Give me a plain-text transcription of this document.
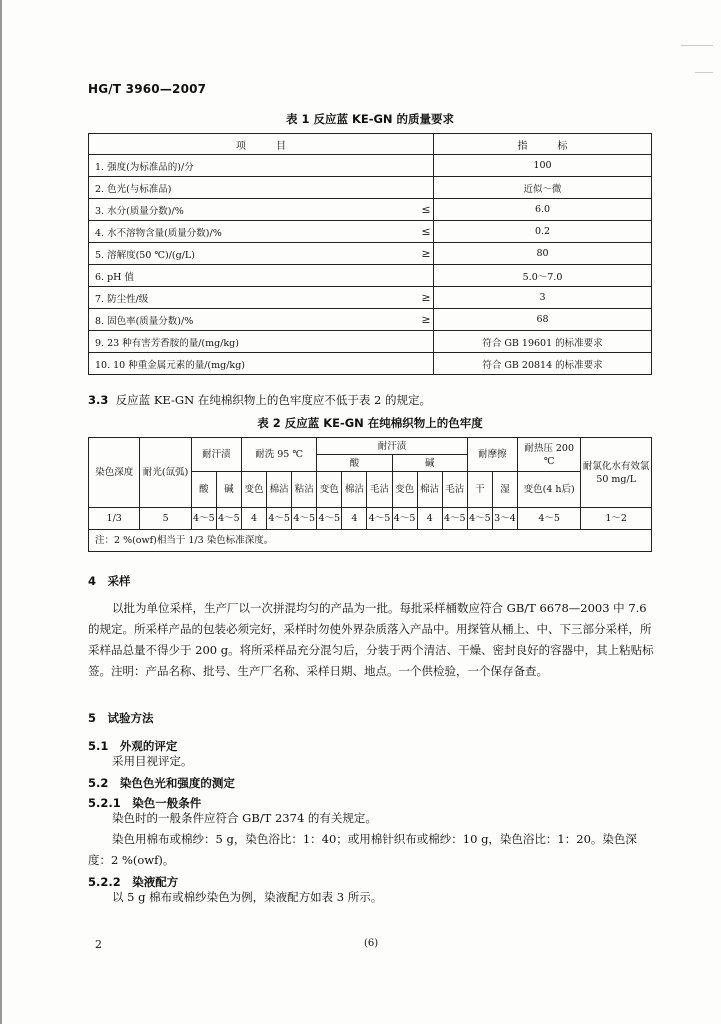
HG/T 3960—2007
表 1 反应蓝 KE-GN 的质量要求
项　　　目		指　　　标
1. 强度(为标准品的)/分		100
2. 色光(与标准品)		近似～微
3. 水分(质量分数)/%	≤	6.0
4. 水不溶物含量(质量分数)/%	≤	0.2
5. 溶解度(50 ℃)/(g/L)	≥	80
6. pH 值		5.0～7.0
7. 防尘性/级	≥	3
8. 固色率(质量分数)/%	≥	68
9. 23 种有害芳香胺的量/(mg/kg)		符合 GB 19601 的标准要求
10. 10 种重金属元素的量/(mg/kg)		符合 GB 20814 的标准要求
3.3 反应蓝 KE-GN 在纯棉织物上的色牢度应不低于表 2 的规定。
表 2 反应蓝 KE-GN 在纯棉织物上的色牢度
染色深度	耐光(氙弧)	耐汗渍		耐洗 95 ℃			耐汗渍						耐摩擦		耐热压 200 ℃	耐氯化水有效氯 50 mg/L
							酸			碱						
		酸	碱	变色	棉沾	粘沾	变色	棉沾	毛沾	变色	棉沾	毛沾	干	湿	变色(4 h后)	
1/3	5	4～5	4～5	4	4～5	4～5	4～5	4	4～5	4～5	4	4～5	4～5	3～4	4～5	1～2
注：2 %(owf)相当于 1/3 染色标准深度。																
4　采样
以批为单位采样，生产厂以一次拼混均匀的产品为一批。每批采样桶数应符合 GB/T 6678—2003 中 7.6 的规定。所采样产品的包装必须完好，采样时勿使外界杂质落入产品中。用探管从桶上、中、下三部分采样，所采样品总量不得少于 200 g。将所采样品充分混匀后，分装于两个清洁、干燥、密封良好的容器中，其上粘贴标签。注明：产品名称、批号、生产厂名称、采样日期、地点。一个供检验，一个保存备查。
5　试验方法
5.1　外观的评定
采用目视评定。
5.2　染色色光和强度的测定
5.2.1　染色一般条件
染色时的一般条件应符合 GB/T 2374 的有关规定。
染色用棉布或棉纱：5 g，染色浴比：1：40；或用棉针织布或棉纱：10 g，染色浴比：1：20。染色深度：2 %(owf)。
5.2.2　染液配方
以 5 g 棉布或棉纱染色为例，染液配方如表 3 所示。
2	(6)
